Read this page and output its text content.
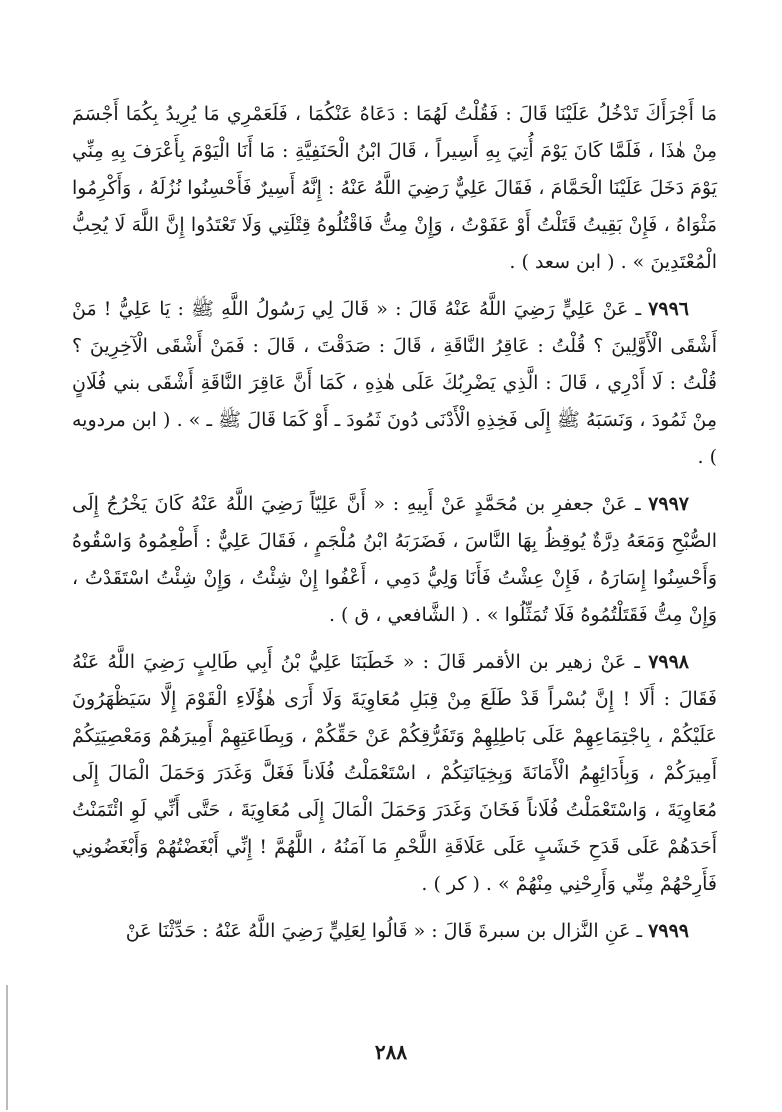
مَا أَجْرَأَكَ تَدْخُلُ عَلَيْنَا قَالَ : فَقُلْتُ لَهُمَا : دَعَاهُ عَنْكُمَا ، فَلَعَمْرِي مَا يُرِيدُ بِكُمَا أَجْسَمَ مِنْ هٰذَا ، فَلَمَّا كَانَ يَوْمَ أُتِيَ بِهِ أَسِيراً ، قَالَ ابْنُ الْحَنَفِيَّةِ : مَا أَنَا الْيَوْمَ بِأَعْرَفَ بِهِ مِنِّي يَوْمَ دَخَلَ عَلَيْنَا الْحَمَّامَ ، فَقَالَ عَلِيٌّ رَضِيَ اللَّهُ عَنْهُ : إِنَّهُ أَسِيرٌ فَأَحْسِنُوا نُزُلَهُ ، وَأَكْرِمُوا مَثْوَاهُ ، فَإِنْ بَقِيتُ قَتَلْتُ أَوْ عَفَوْتُ ، وَإِنْ مِتُّ فَاقْتُلُوهُ قِتْلَتِي وَلَا تَعْتَدُوا إِنَّ اللَّهَ لَا يُحِبُّ الْمُعْتَدِينَ » . ( ابن سعد ) .

٧٩٩٦ ـ عَنْ عَلِيٍّ رَضِيَ اللَّهُ عَنْهُ قَالَ : « قَالَ لِي رَسُولُ اللَّهِ ﷺ : يَا عَلِيُّ ! مَنْ أَشْقَى الْأَوَّلِينَ ؟ قُلْتُ : عَاقِرُ النَّاقَةِ ، قَالَ : صَدَقْتَ ، قَالَ : فَمَنْ أَشْقَى الْآخِرِينَ ؟ قُلْتُ : لَا أَدْرِي ، قَالَ : الَّذِي يَضْرِبُكَ عَلَى هٰذِهِ ، كَمَا أَنَّ عَاقِرَ النَّاقَةِ أَشْقَى بني فُلَانٍ مِنْ ثَمُودَ ، وَنَسَبَهُ ﷺ إِلَى فَخِذِهِ الْأَدْنَى دُونَ ثَمُودَ ـ أَوْ كَمَا قَالَ ﷺ ـ » . ( ابن مردويه ) .

٧٩٩٧ ـ عَنْ جعفرِ بن مُحَمَّدٍ عَنْ أَبِيهِ : « أَنَّ عَلِيّاً رَضِيَ اللَّهُ عَنْهُ كَانَ يَخْرُجُ إِلَى الصُّبْحِ وَمَعَهُ دِرَّةٌ يُوقِظُ بِهَا النَّاسَ ، فَضَرَبَهُ ابْنُ مُلْجَمٍ ، فَقَالَ عَلِيٌّ : أَطْعِمُوهُ وَاسْقُوهُ وَأَحْسِنُوا إِسَارَهُ ، فَإِنْ عِشْتُ فَأَنَا وَلِيُّ دَمِي ، أَعْفُوا إِنْ شِئْتُ ، وَإِنْ شِئْتُ اسْتَقَدْتُ ، وَإِنْ مِتُّ فَقَتَلْتُمُوهُ فَلَا تُمَثِّلُوا » . ( الشَّافعي ، ق ) .

٧٩٩٨ ـ عَنْ زهير بن الأقمر قَالَ : « خَطَبَنَا عَلِيُّ بْنُ أَبِي طَالِبٍ رَضِيَ اللَّهُ عَنْهُ فَقَالَ : أَلَا ! إِنَّ بُسْراً قَدْ طَلَعَ مِنْ قِبَلِ مُعَاوِيَةَ وَلَا أَرَى هٰؤُلَاءِ الْقَوْمَ إِلَّا سَيَظْهَرُونَ عَلَيْكُمْ ، بِاجْتِمَاعِهِمْ عَلَى بَاطِلِهِمْ وَتَفَرُّقِكُمْ عَنْ حَقِّكُمْ ، وَبِطَاعَتِهِمْ أَمِيرَهُمْ وَمَعْصِيَتِكُمْ أَمِيرَكُمْ ، وَبِأَدَائِهِمُ الْأَمَانَةَ وَبِخِيَانَتِكُمْ ، اسْتَعْمَلْتُ فُلَاناً فَغَلَّ وَغَدَرَ وَحَمَلَ الْمَالَ إِلَى مُعَاوِيَةَ ، وَاسْتَعْمَلْتُ فُلَاناً فَخَانَ وَغَدَرَ وَحَمَلَ الْمَالَ إِلَى مُعَاوِيَةَ ، حَتَّى أَنِّي لَوِ ائْتَمَنْتُ أَحَدَهُمْ عَلَى قَدَحِ خَشَبٍ عَلَى عَلَاقَةِ اللَّحْمِ مَا آمَنُهُ ، اللَّهُمَّ ! إِنِّي أَبْغَضْتُهُمْ وَأَبْغَضُونِي فَأَرِحْهُمْ مِنِّي وَأَرِحْنِي مِنْهُمْ » . ( كر ) .

٧٩٩٩ ـ عَنِ النَّزال بن سبرةَ قَالَ : « قَالُوا لِعَلِيٍّ رَضِيَ اللَّهُ عَنْهُ : حَدِّثْنَا عَنْ

٢٨٨
